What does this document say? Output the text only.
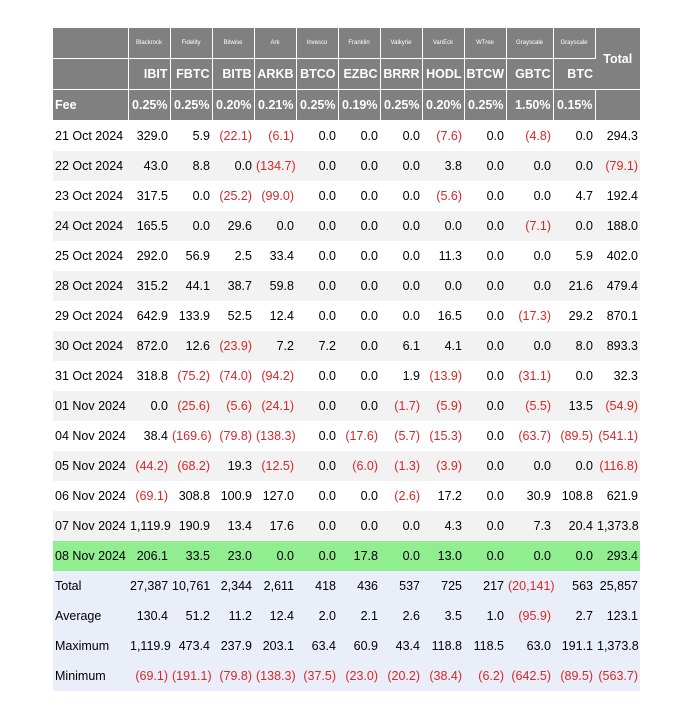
	Blackrock	Fidelity	Bitwise	Ark	Invesco	Franklin	Valkyrie	VanEck	WTree	Grayscale	Grayscale	Total
	IBIT	FBTC	BITB	ARKB	BTCO	EZBC	BRRR	HODL	BTCW	GBTC	BTC	
Fee	0.25%	0.25%	0.20%	0.21%	0.25%	0.19%	0.25%	0.20%	0.25%	1.50%	0.15%	
21 Oct 2024	329.0	5.9	(22.1)	(6.1)	0.0	0.0	0.0	(7.6)	0.0	(4.8)	0.0	294.3
22 Oct 2024	43.0	8.8	0.0	(134.7)	0.0	0.0	0.0	3.8	0.0	0.0	0.0	(79.1)
23 Oct 2024	317.5	0.0	(25.2)	(99.0)	0.0	0.0	0.0	(5.6)	0.0	0.0	4.7	192.4
24 Oct 2024	165.5	0.0	29.6	0.0	0.0	0.0	0.0	0.0	0.0	(7.1)	0.0	188.0
25 Oct 2024	292.0	56.9	2.5	33.4	0.0	0.0	0.0	11.3	0.0	0.0	5.9	402.0
28 Oct 2024	315.2	44.1	38.7	59.8	0.0	0.0	0.0	0.0	0.0	0.0	21.6	479.4
29 Oct 2024	642.9	133.9	52.5	12.4	0.0	0.0	0.0	16.5	0.0	(17.3)	29.2	870.1
30 Oct 2024	872.0	12.6	(23.9)	7.2	7.2	0.0	6.1	4.1	0.0	0.0	8.0	893.3
31 Oct 2024	318.8	(75.2)	(74.0)	(94.2)	0.0	0.0	1.9	(13.9)	0.0	(31.1)	0.0	32.3
01 Nov 2024	0.0	(25.6)	(5.6)	(24.1)	0.0	0.0	(1.7)	(5.9)	0.0	(5.5)	13.5	(54.9)
04 Nov 2024	38.4	(169.6)	(79.8)	(138.3)	0.0	(17.6)	(5.7)	(15.3)	0.0	(63.7)	(89.5)	(541.1)
05 Nov 2024	(44.2)	(68.2)	19.3	(12.5)	0.0	(6.0)	(1.3)	(3.9)	0.0	0.0	0.0	(116.8)
06 Nov 2024	(69.1)	308.8	100.9	127.0	0.0	0.0	(2.6)	17.2	0.0	30.9	108.8	621.9
07 Nov 2024	1,119.9	190.9	13.4	17.6	0.0	0.0	0.0	4.3	0.0	7.3	20.4	1,373.8
08 Nov 2024	206.1	33.5	23.0	0.0	0.0	17.8	0.0	13.0	0.0	0.0	0.0	293.4
Total	27,387	10,761	2,344	2,611	418	436	537	725	217	(20,141)	563	25,857
Average	130.4	51.2	11.2	12.4	2.0	2.1	2.6	3.5	1.0	(95.9)	2.7	123.1
Maximum	1,119.9	473.4	237.9	203.1	63.4	60.9	43.4	118.8	118.5	63.0	191.1	1,373.8
Minimum	(69.1)	(191.1)	(79.8)	(138.3)	(37.5)	(23.0)	(20.2)	(38.4)	(6.2)	(642.5)	(89.5)	(563.7)
